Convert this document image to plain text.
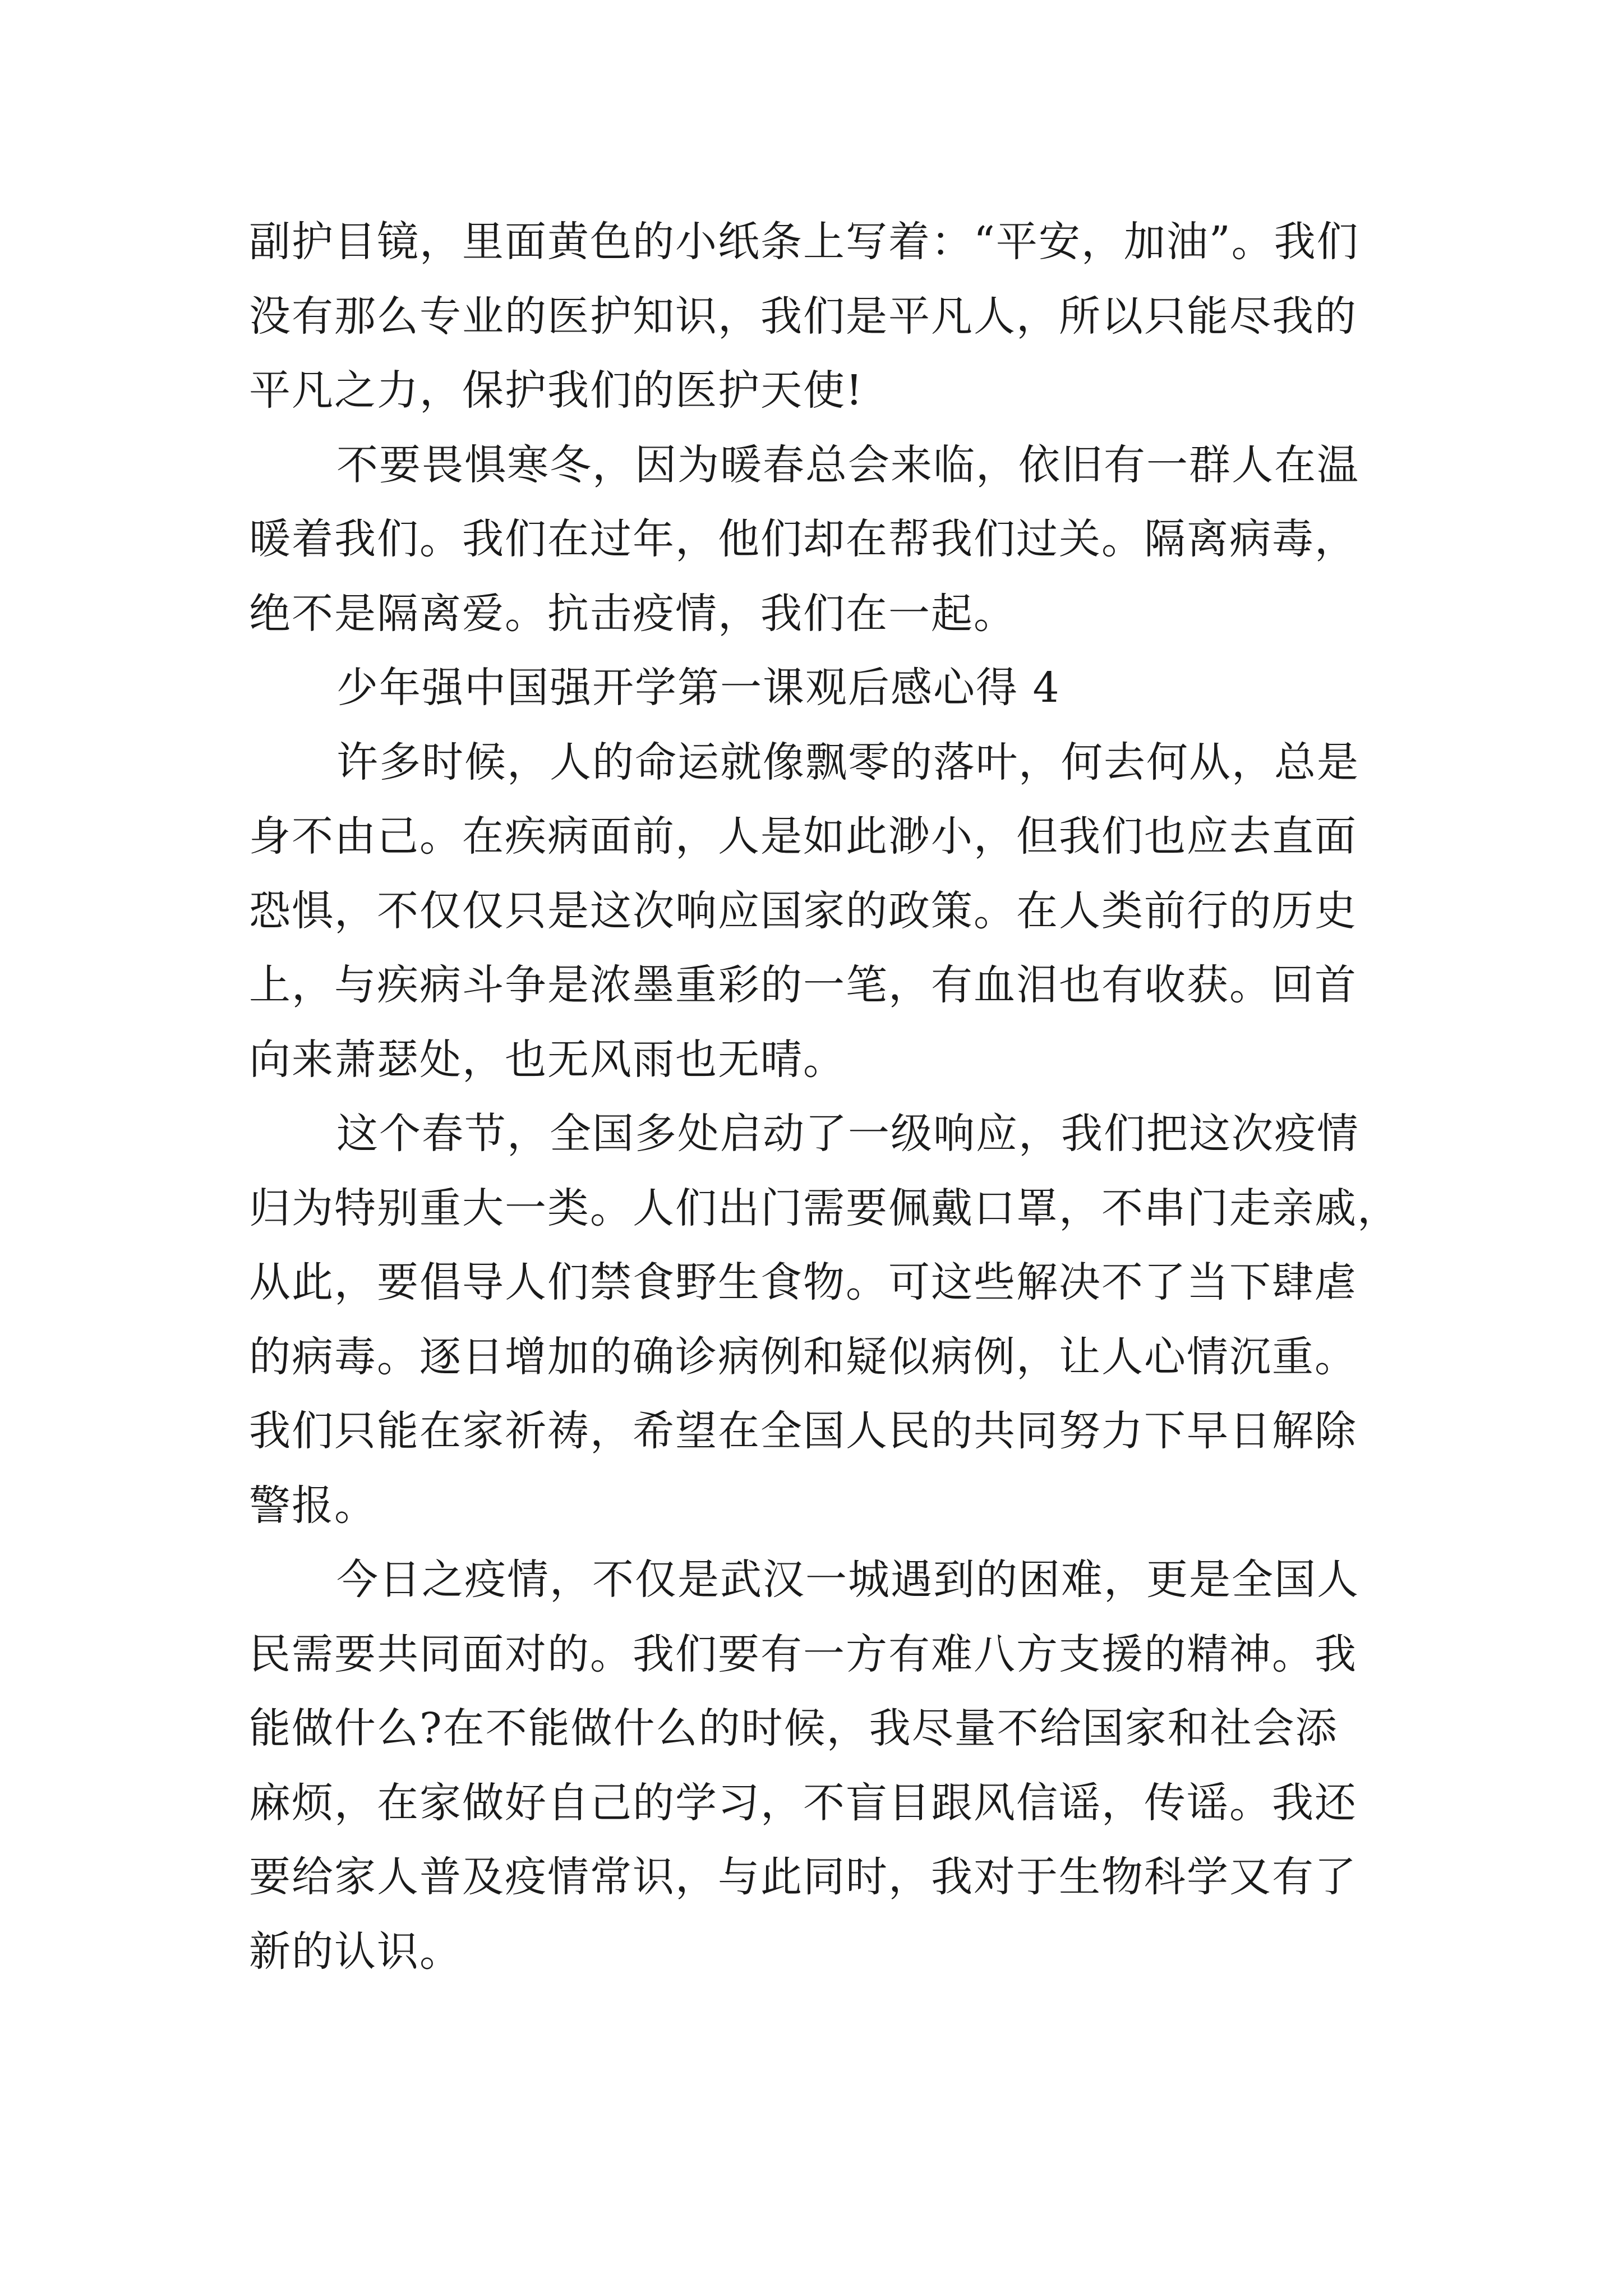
副护目镜，里面黄色的小纸条上写着：“平安，加油”。我们
没有那么专业的医护知识，我们是平凡人，所以只能尽我的
平凡之力，保护我们的医护天使!
不要畏惧寒冬，因为暖春总会来临，依旧有一群人在温
暖着我们。我们在过年，他们却在帮我们过关。隔离病毒，
绝不是隔离爱。抗击疫情，我们在一起。
少年强中国强开学第一课观后感心得 4
许多时候，人的命运就像飘零的落叶，何去何从，总是
身不由己。在疾病面前，人是如此渺小，但我们也应去直面
恐惧，不仅仅只是这次响应国家的政策。在人类前行的历史
上，与疾病斗争是浓墨重彩的一笔，有血泪也有收获。回首
向来萧瑟处，也无风雨也无晴。
这个春节，全国多处启动了一级响应，我们把这次疫情
归为特别重大一类。人们出门需要佩戴口罩，不串门走亲戚，
从此，要倡导人们禁食野生食物。可这些解决不了当下肆虐
的病毒。逐日增加的确诊病例和疑似病例，让人心情沉重。
我们只能在家祈祷，希望在全国人民的共同努力下早日解除
警报。
今日之疫情，不仅是武汉一城遇到的困难，更是全国人
民需要共同面对的。我们要有一方有难八方支援的精神。我
能做什么?在不能做什么的时候，我尽量不给国家和社会添
麻烦，在家做好自己的学习，不盲目跟风信谣，传谣。我还
要给家人普及疫情常识，与此同时，我对于生物科学又有了
新的认识。
